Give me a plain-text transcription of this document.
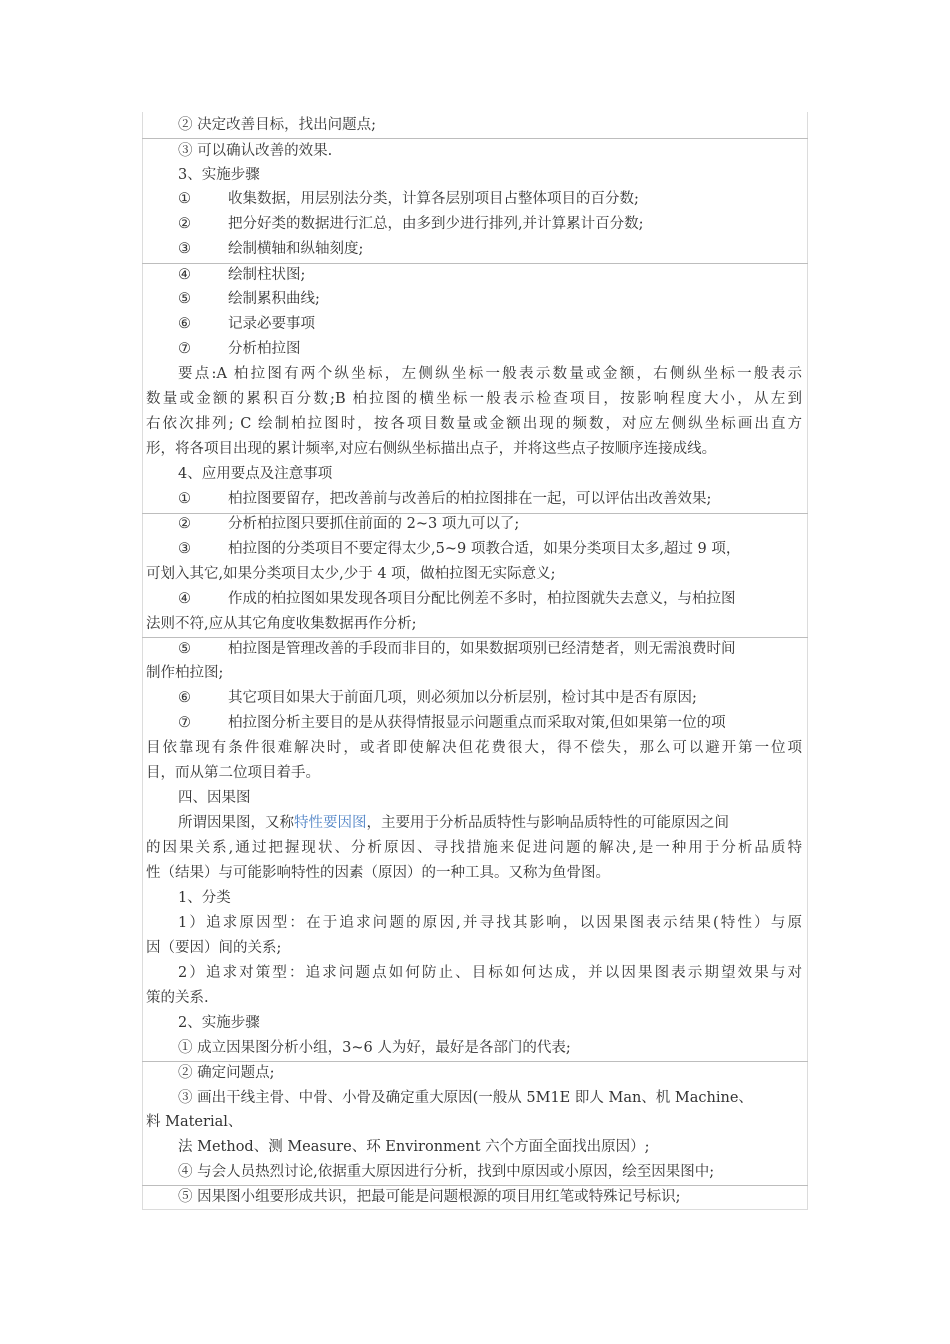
② 决定改善目标，找出问题点;
③ 可以确认改善的效果.
3、实施步骤
①	收集数据，用层别法分类，计算各层别项目占整体项目的百分数;
②	把分好类的数据进行汇总，由多到少进行排列,并计算累计百分数;
③	绘制横轴和纵轴刻度;
④	绘制柱状图;
⑤	绘制累积曲线;
⑥	记录必要事项
⑦	分析柏拉图
要点:A 柏拉图有两个纵坐标，左侧纵坐标一般表示数量或金额，右侧纵坐标一般表示
数量或金额的累积百分数;B 柏拉图的横坐标一般表示检查项目，按影响程度大小，从左到
右依次排列; C 绘制柏拉图时，按各项目数量或金额出现的频数，对应左侧纵坐标画出直方
形，将各项目出现的累计频率,对应右侧纵坐标描出点子，并将这些点子按顺序连接成线。
4、应用要点及注意事项
①	柏拉图要留存，把改善前与改善后的柏拉图排在一起，可以评估出改善效果;
②	分析柏拉图只要抓住前面的 2~3 项九可以了;
③	柏拉图的分类项目不要定得太少,5~9 项教合适，如果分类项目太多,超过 9 项，
可划入其它,如果分类项目太少,少于 4 项，做柏拉图无实际意义;
④	作成的柏拉图如果发现各项目分配比例差不多时，柏拉图就失去意义，与柏拉图
法则不符,应从其它角度收集数据再作分析;
⑤	柏拉图是管理改善的手段而非目的，如果数据项别已经清楚者，则无需浪费时间
制作柏拉图;
⑥	其它项目如果大于前面几项，则必须加以分析层别，检讨其中是否有原因;
⑦	柏拉图分析主要目的是从获得情报显示问题重点而采取对策,但如果第一位的项
目依靠现有条件很难解决时，或者即使解决但花费很大，得不偿失，那么可以避开第一位项
目，而从第二位项目着手。
四、因果图
所谓因果图，又称特性要因图，主要用于分析品质特性与影响品质特性的可能原因之间
的因果关系,通过把握现状、分析原因、寻找措施来促进问题的解决,是一种用于分析品质特
性（结果）与可能影响特性的因素（原因）的一种工具。又称为鱼骨图。
1、分类
1）追求原因型：在于追求问题的原因,并寻找其影响，以因果图表示结果(特性）与原
因（要因）间的关系;
2）追求对策型：追求问题点如何防止、目标如何达成，并以因果图表示期望效果与对
策的关系.
2、实施步骤
① 成立因果图分析小组，3~6 人为好，最好是各部门的代表;
② 确定问题点;
③ 画出干线主骨、中骨、小骨及确定重大原因(一般从 5M1E 即人 Man、机 Machine、
料 Material、
法 Method、测 Measure、环 Environment 六个方面全面找出原因）;
④ 与会人员热烈讨论,依据重大原因进行分析，找到中原因或小原因，绘至因果图中;
⑤ 因果图小组要形成共识，把最可能是问题根源的项目用红笔或特殊记号标识;
